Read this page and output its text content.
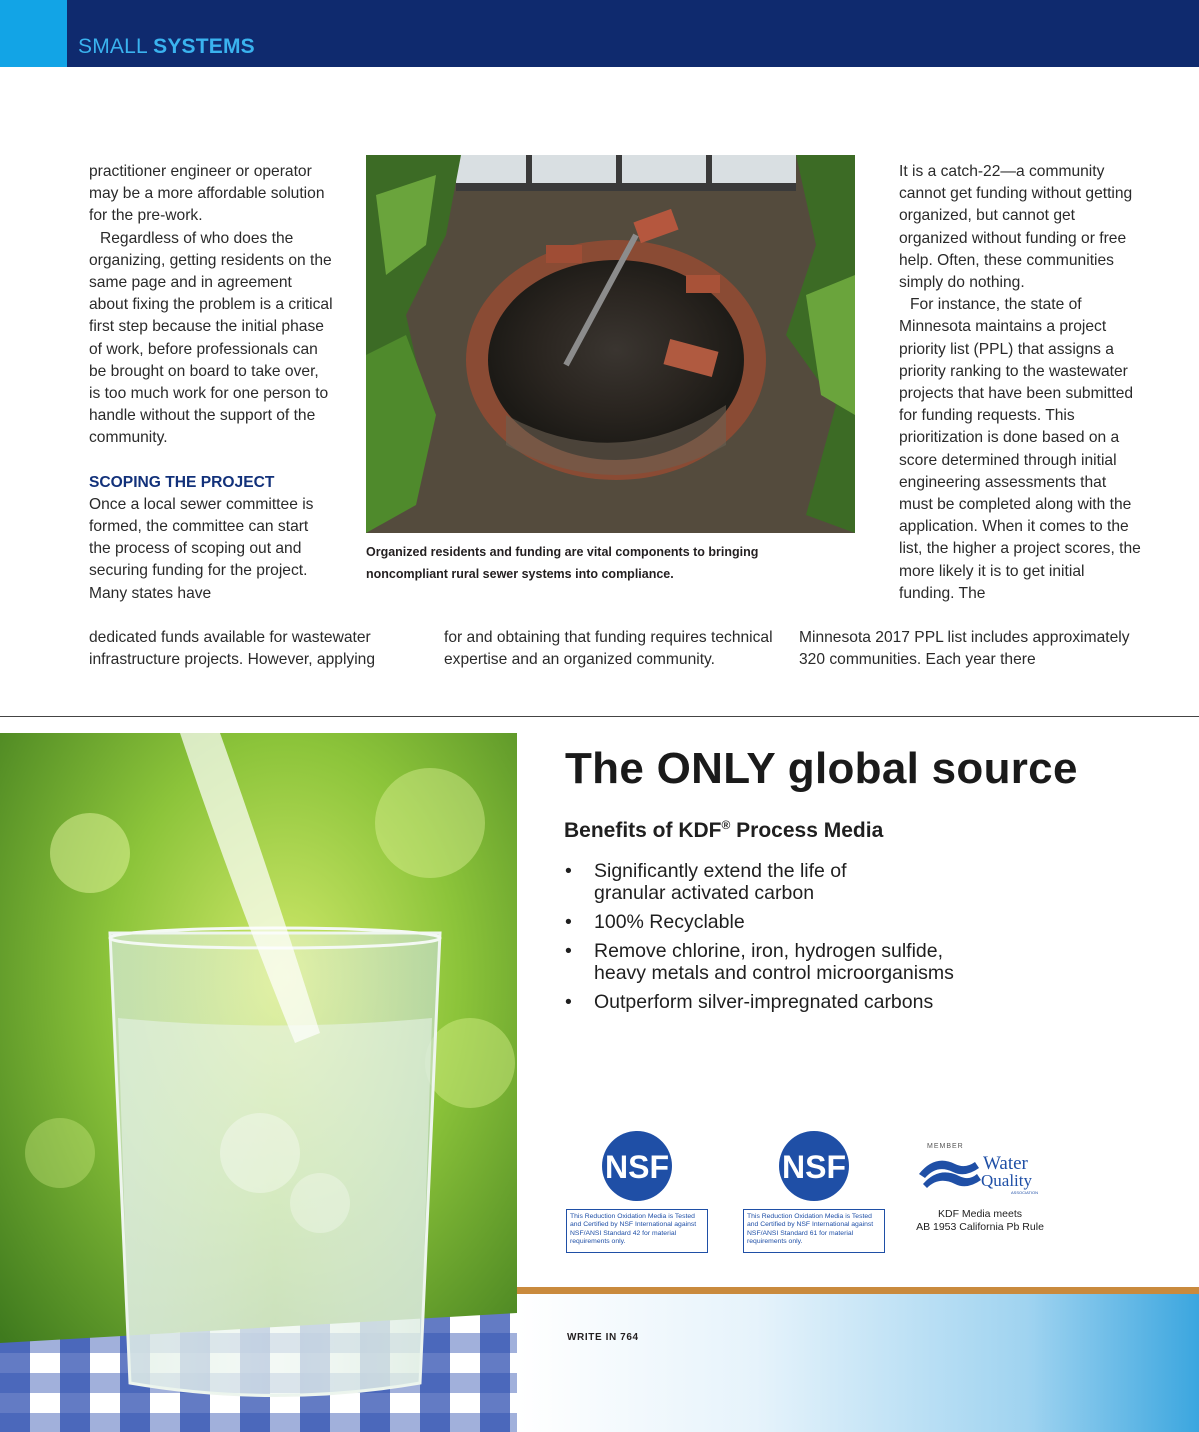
SMALL SYSTEMS

practitioner engineer or operator may be a more affordable solution for the pre-work.

Regardless of who does the organizing, getting residents on the same page and in agreement about fixing the problem is a critical first step because the initial phase of work, before professionals can be brought on board to take over, is too much work for one person to handle without the support of the community.

SCOPING THE PROJECT

Once a local sewer committee is formed, the committee can start the process of scoping out and securing funding for the project. Many states have

Organized residents and funding are vital components to bringing noncompliant rural sewer systems into compliance.

It is a catch-22—a community cannot get funding without getting organized, but cannot get organized without funding or free help. Often, these communities simply do nothing.

For instance, the state of Minnesota maintains a project priority list (PPL) that assigns a priority ranking to the wastewater projects that have been submitted for funding requests. This prioritization is done based on a score determined through initial engineering assessments that must be completed along with the application. When it comes to the list, the higher a project scores, the more likely it is to get initial funding. The

dedicated funds available for wastewater infrastructure projects. However, applying
for and obtaining that funding requires technical expertise and an organized community.
Minnesota 2017 PPL list includes approximately 320 communities. Each year there
The ONLY global source
Benefits of KDF® Process Media
• Significantly extend the life of granular activated carbon
• 100% Recyclable
• Remove chlorine, iron, hydrogen sulfide, heavy metals and control microorganisms
• Outperform silver-impregnated carbons
NSF
This Reduction Oxidation Media is Tested and Certified by NSF International against NSF/ANSI Standard 42 for material requirements only.
NSF
This Reduction Oxidation Media is Tested and Certified by NSF International against NSF/ANSI Standard 61 for material requirements only.
MEMBER
Water
Quality
ASSOCIATION
KDF Media meets
AB 1953 California Pb Rule
WRITE IN 764
